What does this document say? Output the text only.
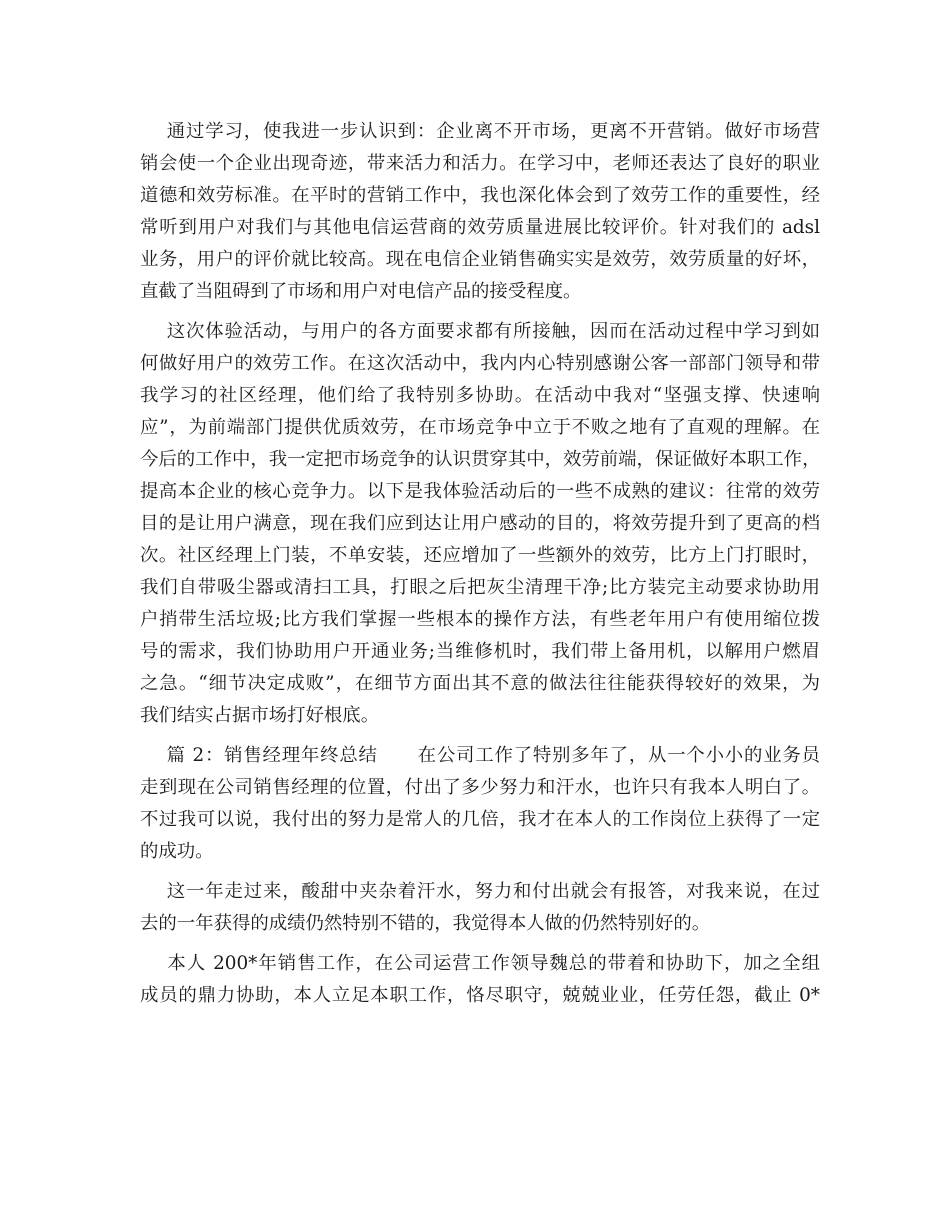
通过学习，使我进一步认识到：企业离不开市场，更离不开营销。做好市场营
销会使一个企业出现奇迹，带来活力和活力。在学习中，老师还表达了良好的职业
道德和效劳标准。在平时的营销工作中，我也深化体会到了效劳工作的重要性，经
常听到用户对我们与其他电信运营商的效劳质量进展比较评价。针对我们的 adsl
业务，用户的评价就比较高。现在电信企业销售确实实是效劳，效劳质量的好坏，
直截了当阻碍到了市场和用户对电信产品的接受程度。
这次体验活动，与用户的各方面要求都有所接触，因而在活动过程中学习到如
何做好用户的效劳工作。在这次活动中，我内内心特别感谢公客一部部门领导和带
我学习的社区经理，他们给了我特别多协助。在活动中我对“坚强支撑、快速响
应”，为前端部门提供优质效劳，在市场竞争中立于不败之地有了直观的理解。在
今后的工作中，我一定把市场竞争的认识贯穿其中，效劳前端，保证做好本职工作，
提高本企业的核心竞争力。以下是我体验活动后的一些不成熟的建议：往常的效劳
目的是让用户满意，现在我们应到达让用户感动的目的，将效劳提升到了更高的档
次。社区经理上门装，不单安装，还应增加了一些额外的效劳，比方上门打眼时，
我们自带吸尘器或清扫工具，打眼之后把灰尘清理干净;比方装完主动要求协助用
户捎带生活垃圾;比方我们掌握一些根本的操作方法，有些老年用户有使用缩位拨
号的需求，我们协助用户开通业务;当维修机时，我们带上备用机，以解用户燃眉
之急。“细节决定成败”，在细节方面出其不意的做法往往能获得较好的效果，为
我们结实占据市场打好根底。
篇 2：销售经理年终总结      在公司工作了特别多年了，从一个小小的业务员
走到现在公司销售经理的位置，付出了多少努力和汗水，也许只有我本人明白了。
不过我可以说，我付出的努力是常人的几倍，我才在本人的工作岗位上获得了一定
的成功。
这一年走过来，酸甜中夹杂着汗水，努力和付出就会有报答，对我来说，在过
去的一年获得的成绩仍然特别不错的，我觉得本人做的仍然特别好的。
本人 200*年销售工作，在公司运营工作领导魏总的带着和协助下，加之全组
成员的鼎力协助，本人立足本职工作，恪尽职守，兢兢业业，任劳任怨，截止 0*
